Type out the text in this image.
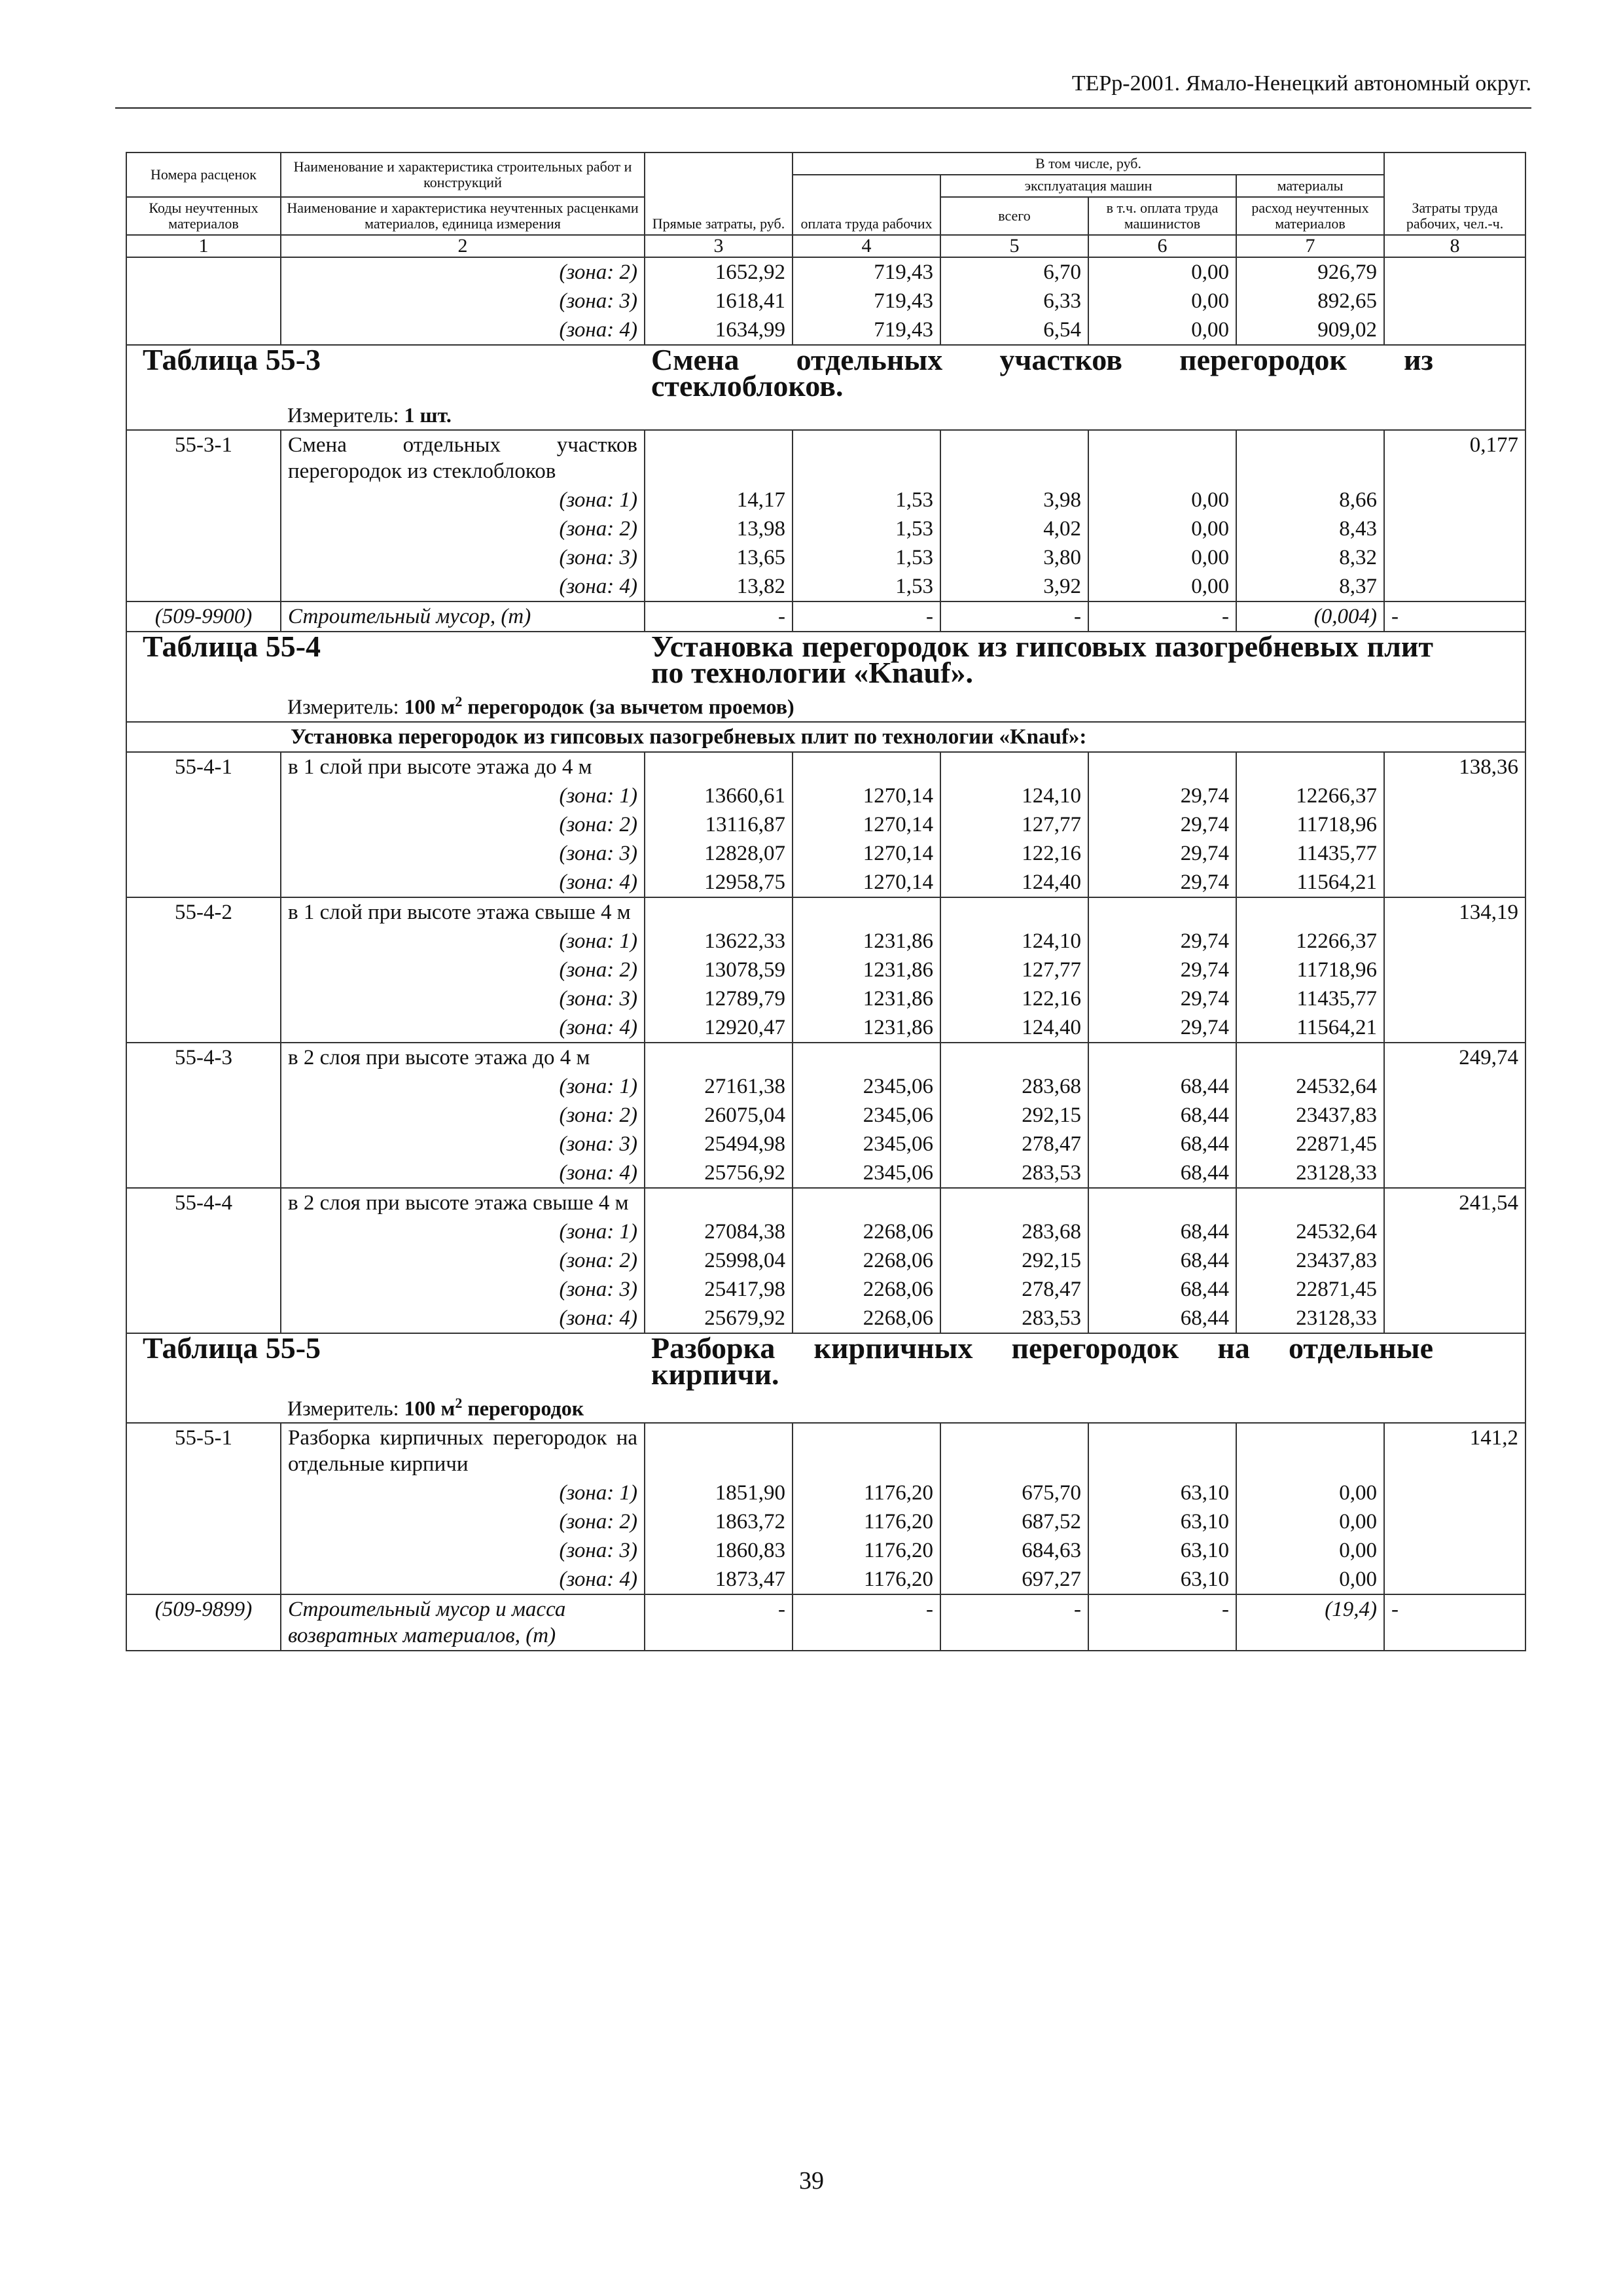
ТЕРр-2001. Ямало-Ненецкий автономный округ.
Номера расценок	Наименование и характеристика строительных работ и конструкций	Прямые затраты, руб.	В том числе, руб.				Затраты труда рабочих, чел.-ч.
			оплата труда рабочих	эксплуатация машин		материалы	
Коды неучтенных материалов	Наименование и характеристика неучтенных расценками материалов, единица измерения			всего	в т.ч. оплата труда машинистов	расход неучтенных материалов	
1	2	3	4	5	6	7	8
	(зона: 2)	1652,92	719,43	6,70	0,00	926,79	
	(зона: 3)	1618,41	719,43	6,33	0,00	892,65	
	(зона: 4)	1634,99	719,43	6,54	0,00	909,02	
Таблица 55-3		Смена отдельных участков перегородок из стеклоблоков.					
	Измеритель: 1 шт.						
55-3-1	Смена отдельных участков перегородок из стеклоблоков						0,177
	(зона: 1)	14,17	1,53	3,98	0,00	8,66	
	(зона: 2)	13,98	1,53	4,02	0,00	8,43	
	(зона: 3)	13,65	1,53	3,80	0,00	8,32	
	(зона: 4)	13,82	1,53	3,92	0,00	8,37	
(509-9900)	Строительный мусор, (т)	-	-	-	-	(0,004)	-
Таблица 55-4		Установка перегородок из гипсовых пазогребневых плит по технологии «Knauf».					
	Измеритель: 100 $м^2$ перегородок (за вычетом проемов)						
Установка перегородок из гипсовых пазогребневых плит по технологии «Knauf»:							
55-4-1	в 1 слой при высоте этажа до 4 м						138,36
	(зона: 1)	13660,61	1270,14	124,10	29,74	12266,37	
	(зона: 2)	13116,87	1270,14	127,77	29,74	11718,96	
	(зона: 3)	12828,07	1270,14	122,16	29,74	11435,77	
	(зона: 4)	12958,75	1270,14	124,40	29,74	11564,21	
55-4-2	в 1 слой при высоте этажа свыше 4 м						134,19
	(зона: 1)	13622,33	1231,86	124,10	29,74	12266,37	
	(зона: 2)	13078,59	1231,86	127,77	29,74	11718,96	
	(зона: 3)	12789,79	1231,86	122,16	29,74	11435,77	
	(зона: 4)	12920,47	1231,86	124,40	29,74	11564,21	
55-4-3	в 2 слоя при высоте этажа до 4 м						249,74
	(зона: 1)	27161,38	2345,06	283,68	68,44	24532,64	
	(зона: 2)	26075,04	2345,06	292,15	68,44	23437,83	
	(зона: 3)	25494,98	2345,06	278,47	68,44	22871,45	
	(зона: 4)	25756,92	2345,06	283,53	68,44	23128,33	
55-4-4	в 2 слоя при высоте этажа свыше 4 м						241,54
	(зона: 1)	27084,38	2268,06	283,68	68,44	24532,64	
	(зона: 2)	25998,04	2268,06	292,15	68,44	23437,83	
	(зона: 3)	25417,98	2268,06	278,47	68,44	22871,45	
	(зона: 4)	25679,92	2268,06	283,53	68,44	23128,33	
Таблица 55-5		Разборка кирпичных перегородок на отдельные кирпичи.					
	Измеритель: 100 $м^2$ перегородок						
55-5-1	Разборка кирпичных перегородок на отдельные кирпичи						141,2
	(зона: 1)	1851,90	1176,20	675,70	63,10	0,00	
	(зона: 2)	1863,72	1176,20	687,52	63,10	0,00	
	(зона: 3)	1860,83	1176,20	684,63	63,10	0,00	
	(зона: 4)	1873,47	1176,20	697,27	63,10	0,00	
(509-9899)	Строительный мусор и масса возвратных материалов, (т)	-	-	-	-	(19,4)	-
39
